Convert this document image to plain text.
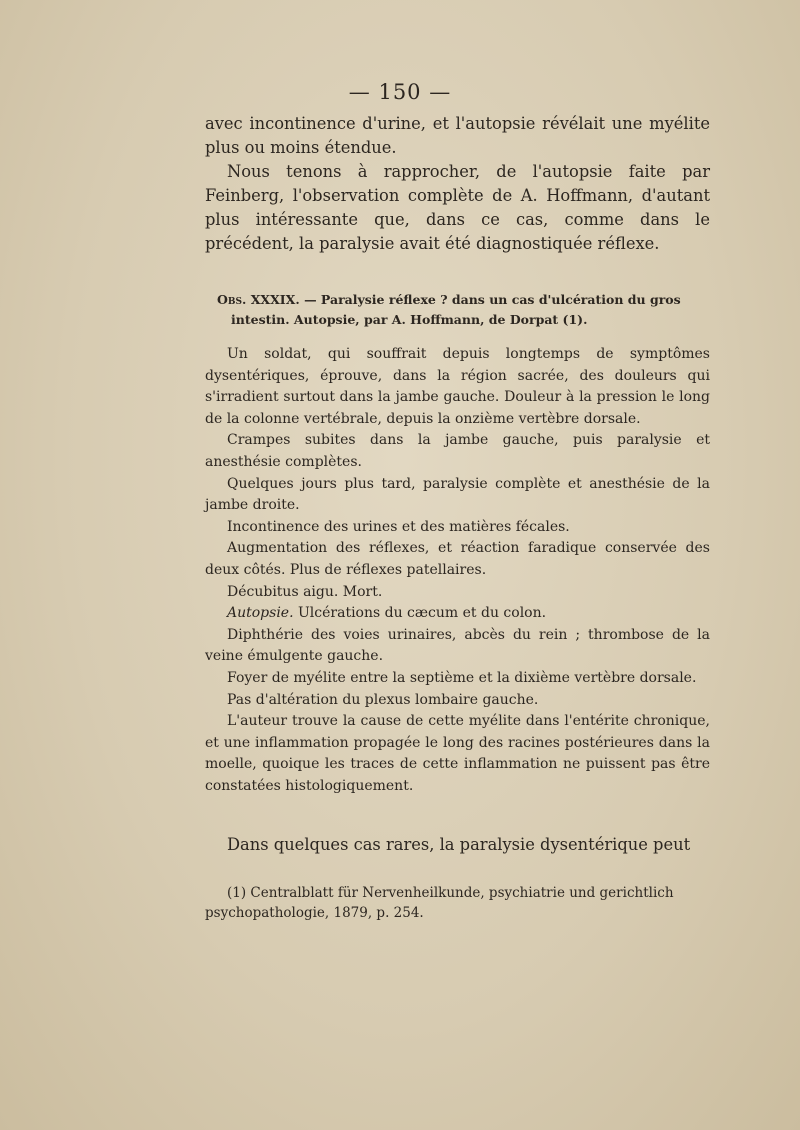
— 150 —

avec incontinence d'urine, et l'autopsie révélait une myélite plus ou moins étendue.

Nous tenons à rapprocher, de l'autopsie faite par Feinberg, l'observation complète de A. Hoffmann, d'autant plus intéressante que, dans ce cas, comme dans le précédent, la paralysie avait été diagnostiquée réflexe.

Obs. XXXIX. — Paralysie réflexe ? dans un cas d'ulcération du gros
intestin. Autopsie, par A. Hoffmann, de Dorpat (1).

Un soldat, qui souffrait depuis longtemps de symptômes dysentériques, éprouve, dans la région sacrée, des douleurs qui s'irradient surtout dans la jambe gauche. Douleur à la pression le long de la colonne vertébrale, depuis la onzième vertèbre dorsale.

Crampes subites dans la jambe gauche, puis paralysie et anesthésie complètes.

Quelques jours plus tard, paralysie complète et anesthésie de la jambe droite.

Incontinence des urines et des matières fécales.

Augmentation des réflexes, et réaction faradique conservée des deux côtés. Plus de réflexes patellaires.

Décubitus aigu. Mort.

Autopsie. Ulcérations du cæcum et du colon.

Diphthérie des voies urinaires, abcès du rein ; thrombose de la veine émulgente gauche.

Foyer de myélite entre la septième et la dixième vertèbre dorsale.

Pas d'altération du plexus lombaire gauche.

L'auteur trouve la cause de cette myélite dans l'entérite chronique, et une inflammation propagée le long des racines postérieures dans la moelle, quoique les traces de cette inflammation ne puissent pas être constatées histologiquement.

Dans quelques cas rares, la paralysie dysentérique peut

(1) Centralblatt für Nervenheilkunde, psychiatrie und gerichtlich psychopathologie, 1879, p. 254.
